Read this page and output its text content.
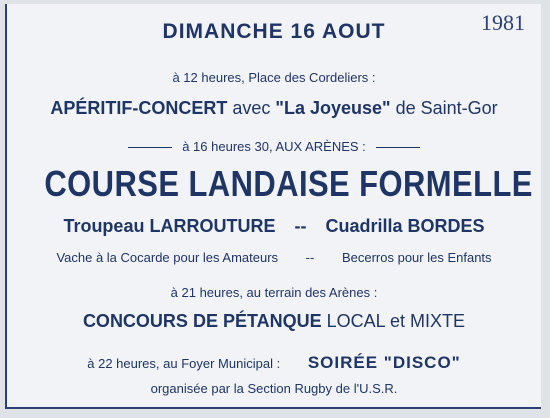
1981
DIMANCHE 16 AOUT
à 12 heures, Place des Cordeliers :
APÉRITIF-CONCERT avec "La Joyeuse" de Saint-Gor
à 16 heures 30, AUX ARÈNES :
COURSE LANDAISE FORMELLE
Troupeau LARROUTURE -- Cuadrilla BORDES
Vache à la Cocarde pour les Amateurs -- Becerros pour les Enfants
à 21 heures, au terrain des Arènes :
CONCOURS DE PÉTANQUE LOCAL et MIXTE
à 22 heures, au Foyer Municipal : SOIRÉE "DISCO"
organisée par la Section Rugby de l'U.S.R.
